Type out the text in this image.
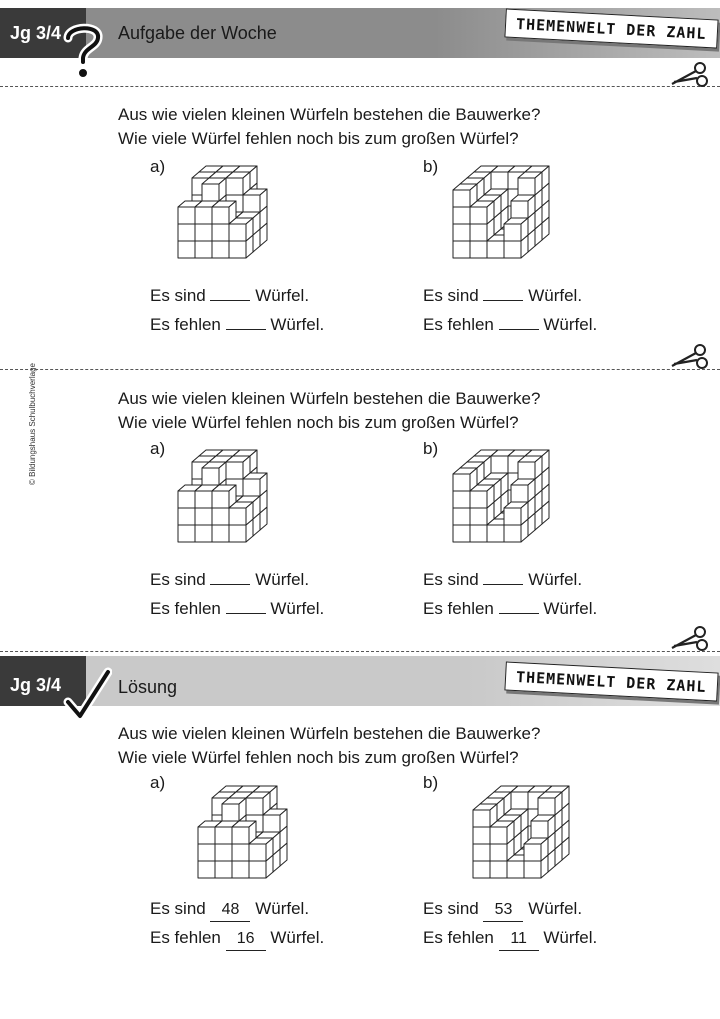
Jg 3/4	Aufgabe der Woche	THEMENWELT DER ZAHL
© Bildungshaus Schulbuchverlage
Aus wie vielen kleinen Würfeln bestehen die Bauwerke?
Wie viele Würfel fehlen noch bis zum großen Würfel?
a)	b)
Es sind	Würfel.
Es fehlen	Würfel.
Es sind	Würfel.
Es fehlen	Würfel.
Aus wie vielen kleinen Würfeln bestehen die Bauwerke?
Wie viele Würfel fehlen noch bis zum großen Würfel?
a)	b)
Es sind	Würfel.
Es fehlen	Würfel.
Es sind	Würfel.
Es fehlen	Würfel.
Jg 3/4	Lösung	THEMENWELT DER ZAHL
Aus wie vielen kleinen Würfeln bestehen die Bauwerke?
Wie viele Würfel fehlen noch bis zum großen Würfel?
a)	b)
Es sind 48 Würfel.
Es fehlen 16 Würfel.
Es sind 53 Würfel.
Es fehlen 11 Würfel.
